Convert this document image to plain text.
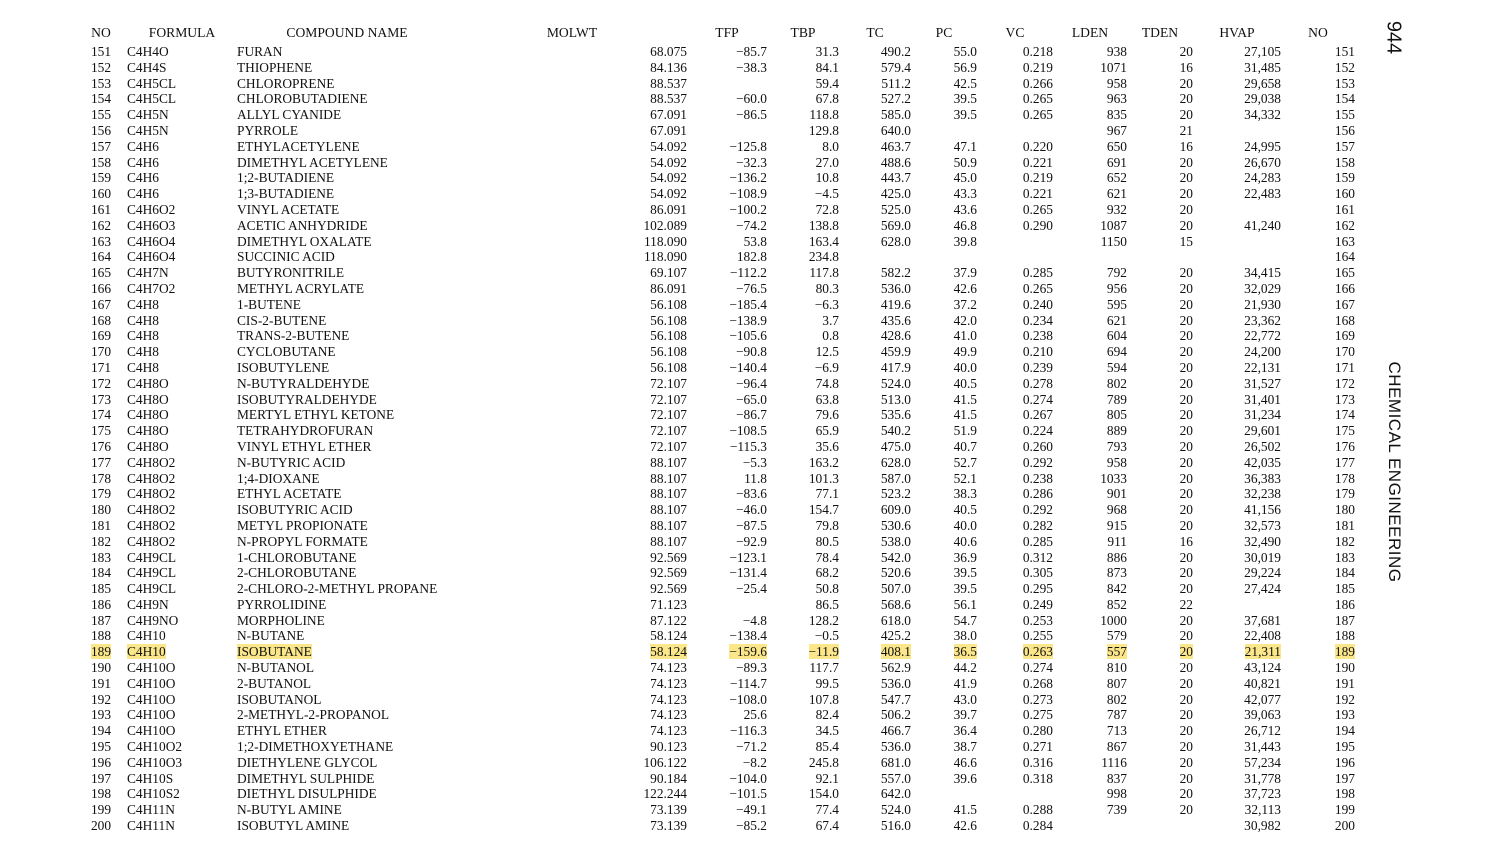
NO	FORMULA	COMPOUND NAME	MOLWT	TFP	TBP	TC	PC	VC	LDEN	TDEN	HVAP	NO
151	C4H4O	FURAN	68.075	−85.7	31.3	490.2	55.0	0.218	938	20	27,105	151
152	C4H4S	THIOPHENE	84.136	−38.3	84.1	579.4	56.9	0.219	1071	16	31,485	152
153	C4H5CL	CHLOROPRENE	88.537		59.4	511.2	42.5	0.266	958	20	29,658	153
154	C4H5CL	CHLOROBUTADIENE	88.537	−60.0	67.8	527.2	39.5	0.265	963	20	29,038	154
155	C4H5N	ALLYL CYANIDE	67.091	−86.5	118.8	585.0	39.5	0.265	835	20	34,332	155
156	C4H5N	PYRROLE	67.091		129.8	640.0			967	21		156
157	C4H6	ETHYLACETYLENE	54.092	−125.8	8.0	463.7	47.1	0.220	650	16	24,995	157
158	C4H6	DIMETHYL ACETYLENE	54.092	−32.3	27.0	488.6	50.9	0.221	691	20	26,670	158
159	C4H6	1;2-BUTADIENE	54.092	−136.2	10.8	443.7	45.0	0.219	652	20	24,283	159
160	C4H6	1;3-BUTADIENE	54.092	−108.9	−4.5	425.0	43.3	0.221	621	20	22,483	160
161	C4H6O2	VINYL ACETATE	86.091	−100.2	72.8	525.0	43.6	0.265	932	20		161
162	C4H6O3	ACETIC ANHYDRIDE	102.089	−74.2	138.8	569.0	46.8	0.290	1087	20	41,240	162
163	C4H6O4	DIMETHYL OXALATE	118.090	53.8	163.4	628.0	39.8		1150	15		163
164	C4H6O4	SUCCINIC ACID	118.090	182.8	234.8							164
165	C4H7N	BUTYRONITRILE	69.107	−112.2	117.8	582.2	37.9	0.285	792	20	34,415	165
166	C4H7O2	METHYL ACRYLATE	86.091	−76.5	80.3	536.0	42.6	0.265	956	20	32,029	166
167	C4H8	1-BUTENE	56.108	−185.4	−6.3	419.6	37.2	0.240	595	20	21,930	167
168	C4H8	CIS-2-BUTENE	56.108	−138.9	3.7	435.6	42.0	0.234	621	20	23,362	168
169	C4H8	TRANS-2-BUTENE	56.108	−105.6	0.8	428.6	41.0	0.238	604	20	22,772	169
170	C4H8	CYCLOBUTANE	56.108	−90.8	12.5	459.9	49.9	0.210	694	20	24,200	170
171	C4H8	ISOBUTYLENE	56.108	−140.4	−6.9	417.9	40.0	0.239	594	20	22,131	171
172	C4H8O	N-BUTYRALDEHYDE	72.107	−96.4	74.8	524.0	40.5	0.278	802	20	31,527	172
173	C4H8O	ISOBUTYRALDEHYDE	72.107	−65.0	63.8	513.0	41.5	0.274	789	20	31,401	173
174	C4H8O	MERTYL ETHYL KETONE	72.107	−86.7	79.6	535.6	41.5	0.267	805	20	31,234	174
175	C4H8O	TETRAHYDROFURAN	72.107	−108.5	65.9	540.2	51.9	0.224	889	20	29,601	175
176	C4H8O	VINYL ETHYL ETHER	72.107	−115.3	35.6	475.0	40.7	0.260	793	20	26,502	176
177	C4H8O2	N-BUTYRIC ACID	88.107	−5.3	163.2	628.0	52.7	0.292	958	20	42,035	177
178	C4H8O2	1;4-DIOXANE	88.107	11.8	101.3	587.0	52.1	0.238	1033	20	36,383	178
179	C4H8O2	ETHYL ACETATE	88.107	−83.6	77.1	523.2	38.3	0.286	901	20	32,238	179
180	C4H8O2	ISOBUTYRIC ACID	88.107	−46.0	154.7	609.0	40.5	0.292	968	20	41,156	180
181	C4H8O2	METYL PROPIONATE	88.107	−87.5	79.8	530.6	40.0	0.282	915	20	32,573	181
182	C4H8O2	N-PROPYL FORMATE	88.107	−92.9	80.5	538.0	40.6	0.285	911	16	32,490	182
183	C4H9CL	1-CHLOROBUTANE	92.569	−123.1	78.4	542.0	36.9	0.312	886	20	30,019	183
184	C4H9CL	2-CHLOROBUTANE	92.569	−131.4	68.2	520.6	39.5	0.305	873	20	29,224	184
185	C4H9CL	2-CHLORO-2-METHYL PROPANE	92.569	−25.4	50.8	507.0	39.5	0.295	842	20	27,424	185
186	C4H9N	PYRROLIDINE	71.123		86.5	568.6	56.1	0.249	852	22		186
187	C4H9NO	MORPHOLINE	87.122	−4.8	128.2	618.0	54.7	0.253	1000	20	37,681	187
188	C4H10	N-BUTANE	58.124	−138.4	−0.5	425.2	38.0	0.255	579	20	22,408	188
189	C4H10	ISOBUTANE	58.124	−159.6	−11.9	408.1	36.5	0.263	557	20	21,311	189
190	C4H10O	N-BUTANOL	74.123	−89.3	117.7	562.9	44.2	0.274	810	20	43,124	190
191	C4H10O	2-BUTANOL	74.123	−114.7	99.5	536.0	41.9	0.268	807	20	40,821	191
192	C4H10O	ISOBUTANOL	74.123	−108.0	107.8	547.7	43.0	0.273	802	20	42,077	192
193	C4H10O	2-METHYL-2-PROPANOL	74.123	25.6	82.4	506.2	39.7	0.275	787	20	39,063	193
194	C4H10O	ETHYL ETHER	74.123	−116.3	34.5	466.7	36.4	0.280	713	20	26,712	194
195	C4H10O2	1;2-DIMETHOXYETHANE	90.123	−71.2	85.4	536.0	38.7	0.271	867	20	31,443	195
196	C4H10O3	DIETHYLENE GLYCOL	106.122	−8.2	245.8	681.0	46.6	0.316	1116	20	57,234	196
197	C4H10S	DIMETHYL SULPHIDE	90.184	−104.0	92.1	557.0	39.6	0.318	837	20	31,778	197
198	C4H10S2	DIETHYL DISULPHIDE	122.244	−101.5	154.0	642.0			998	20	37,723	198
199	C4H11N	N-BUTYL AMINE	73.139	−49.1	77.4	524.0	41.5	0.288	739	20	32,113	199
200	C4H11N	ISOBUTYL AMINE	73.139	−85.2	67.4	516.0	42.6	0.284			30,982	200
944
CHEMICAL ENGINEERING
